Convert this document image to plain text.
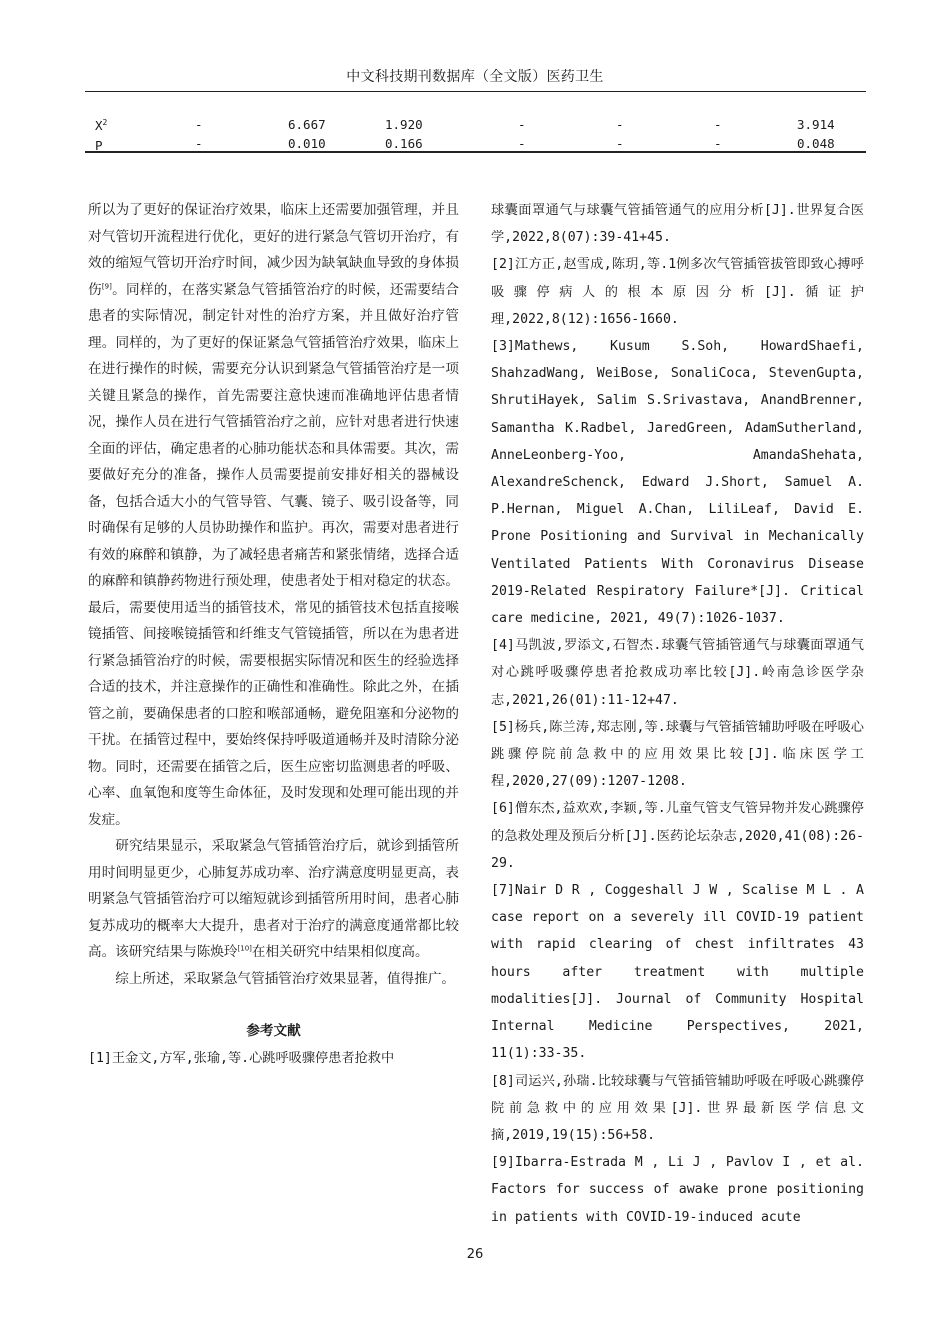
中文科技期刊数据库（全文版）医药卫生
$X^2$	-	6.667	1.920	-	-	-	3.914
P	-	0.010	0.166	-	-	-	0.048

所以为了更好的保证治疗效果，临床上还需要加强管理，并且对气管切开流程进行优化，更好的进行紧急气管切开治疗，有效的缩短气管切开治疗时间，减少因为缺氧缺血导致的身体损伤[9]。同样的，在落实紧急气管插管治疗的时候，还需要结合患者的实际情况，制定针对性的治疗方案，并且做好治疗管理。同样的，为了更好的保证紧急气管插管治疗效果，临床上在进行操作的时候，需要充分认识到紧急气管插管治疗是一项关键且紧急的操作，首先需要注意快速而准确地评估患者情况，操作人员在进行气管插管治疗之前，应针对患者进行快速全面的评估，确定患者的心肺功能状态和具体需要。其次，需要做好充分的准备，操作人员需要提前安排好相关的器械设备，包括合适大小的气管导管、气囊、镜子、吸引设备等，同时确保有足够的人员协助操作和监护。再次，需要对患者进行有效的麻醉和镇静，为了减轻患者痛苦和紧张情绪，选择合适的麻醉和镇静药物进行预处理，使患者处于相对稳定的状态。最后，需要使用适当的插管技术，常见的插管技术包括直接喉镜插管、间接喉镜插管和纤维支气管镜插管，所以在为患者进行紧急插管治疗的时候，需要根据实际情况和医生的经验选择合适的技术，并注意操作的正确性和准确性。除此之外，在插管之前，要确保患者的口腔和喉部通畅，避免阻塞和分泌物的干扰。在插管过程中，要始终保持呼吸道通畅并及时清除分泌物。同时，还需要在插管之后，医生应密切监测患者的呼吸、心率、血氧饱和度等生命体征，及时发现和处理可能出现的并发症。

研究结果显示，采取紧急气管插管治疗后，就诊到插管所用时间明显更少，心肺复苏成功率、治疗满意度明显更高，表明紧急气管插管治疗可以缩短就诊到插管所用时间，患者心肺复苏成功的概率大大提升，患者对于治疗的满意度通常都比较高。该研究结果与陈焕玲[10]在相关研究中结果相似度高。

综上所述，采取紧急气管插管治疗效果显著，值得推广。

参考文献

[1]王金文,方军,张瑜,等.心跳呼吸骤停患者抢救中

球囊面罩通气与球囊气管插管通气的应用分析[J].世界复合医学,2022,8(07):39-41+45.

[2]江方正,赵雪成,陈玥,等.1例多次气管插管拔管即致心搏呼吸骤停病人的根本原因分析[J].循证护理,2022,8(12):1656-1660.

[3]Mathews, Kusum S.Soh, HowardShaefi, ShahzadWang, WeiBose, SonaliCoca, StevenGupta, ShrutiHayek, Salim S.Srivastava, AnandBrenner, Samantha K.Radbel, JaredGreen, AdamSutherland, AnneLeonberg-Yoo, AmandaShehata, AlexandreSchenck, Edward J.Short, Samuel A. P.Hernan, Miguel A.Chan, LiliLeaf, David E. Prone Positioning and Survival in Mechanically Ventilated Patients With Coronavirus Disease 2019-Related Respiratory Failure*[J]. Critical care medicine, 2021, 49(7):1026-1037.

[4]马凯波,罗添文,石智杰.球囊气管插管通气与球囊面罩通气对心跳呼吸骤停患者抢救成功率比较[J].岭南急诊医学杂志,2021,26(01):11-12+47.

[5]杨兵,陈兰涛,郑志刚,等.球囊与气管插管辅助呼吸在呼吸心跳骤停院前急救中的应用效果比较[J].临床医学工程,2020,27(09):1207-1208.

[6]僧东杰,益欢欢,李颖,等.儿童气管支气管异物并发心跳骤停的急救处理及预后分析[J].医药论坛杂志,2020,41(08):26-29.

[7]Nair D R , Coggeshall J W , Scalise M L . A case report on a severely ill COVID-19 patient with rapid clearing of chest infiltrates 43 hours after treatment with multiple modalities[J]. Journal of Community Hospital Internal Medicine Perspectives, 2021, 11(1):33-35.

[8]司运兴,孙瑞.比较球囊与气管插管辅助呼吸在呼吸心跳骤停院前急救中的应用效果[J].世界最新医学信息文摘,2019,19(15):56+58.

[9]Ibarra-Estrada M , Li J , Pavlov I , et al. Factors for success of awake prone positioning in patients with COVID-19-induced acute

26
